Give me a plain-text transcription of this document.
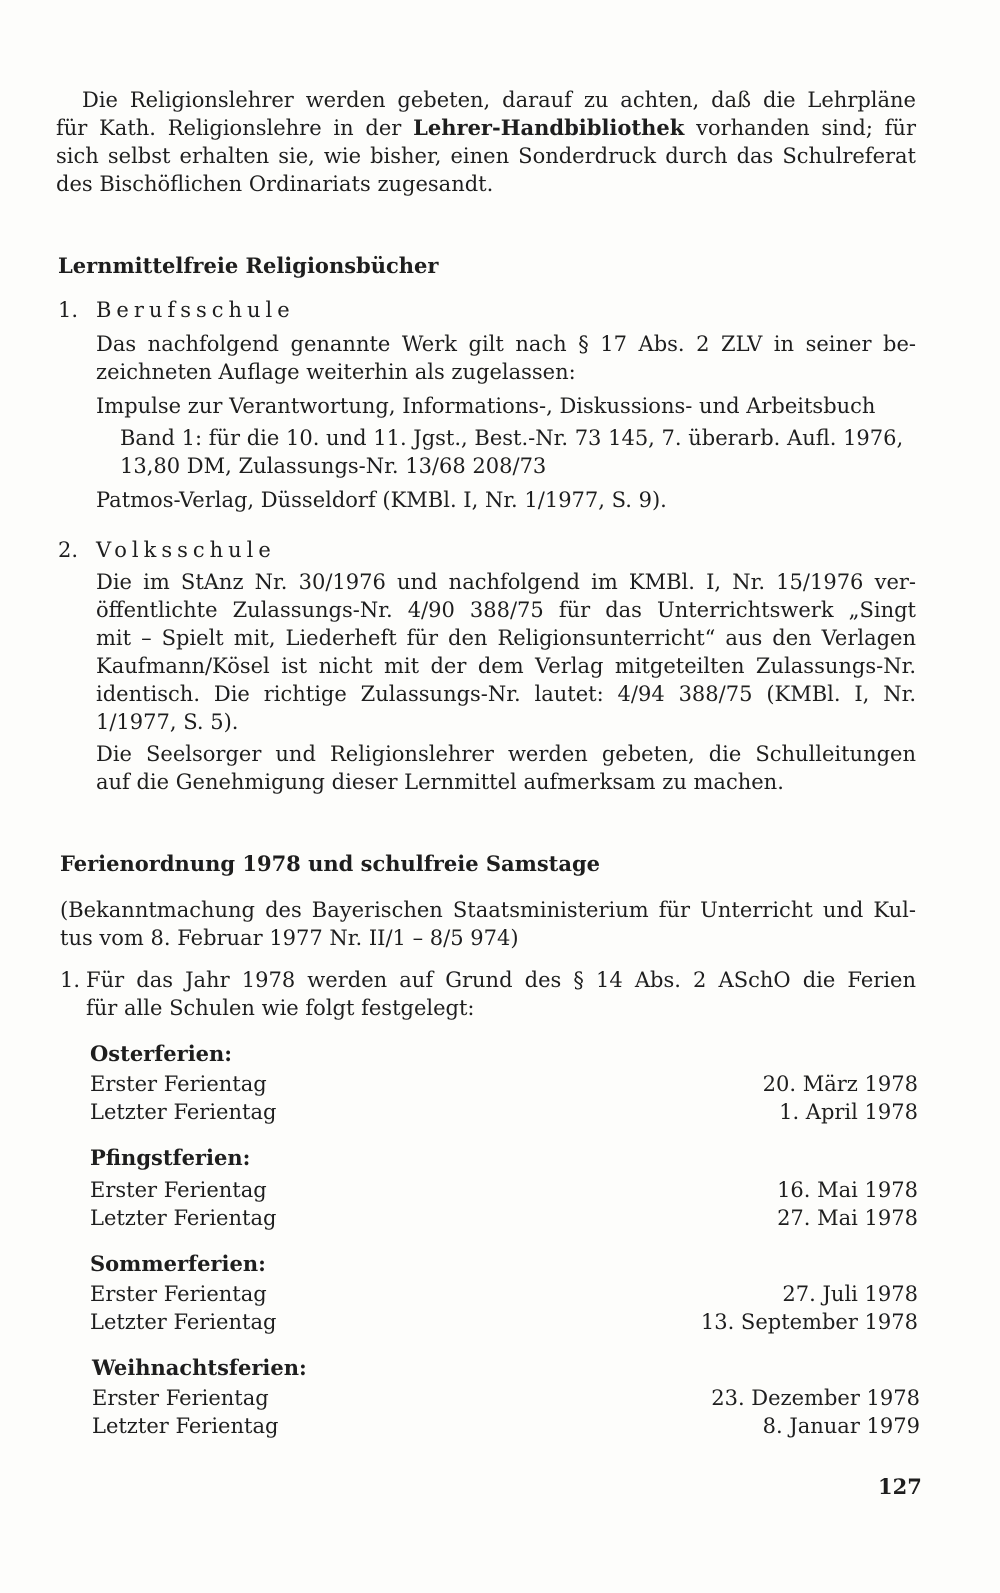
Die Religionslehrer werden gebeten, darauf zu achten, daß die Lehrpläne
für Kath. Religionslehre in der Lehrer-Handbibliothek vorhanden sind; für
sich selbst erhalten sie, wie bisher, einen Sonderdruck durch das Schulreferat
des Bischöflichen Ordinariats zugesandt.
Lernmittelfreie Religionsbücher
1. Berufsschule
Das nachfolgend genannte Werk gilt nach § 17 Abs. 2 ZLV in seiner be-
zeichneten Auflage weiterhin als zugelassen:
Impulse zur Verantwortung, Informations-, Diskussions- und Arbeitsbuch
Band 1: für die 10. und 11. Jgst., Best.-Nr. 73 145, 7. überarb. Aufl. 1976,
13,80 DM, Zulassungs-Nr. 13/68 208/73
Patmos-Verlag, Düsseldorf (KMBl. I, Nr. 1/1977, S. 9).
2. Volksschule
Die im StAnz Nr. 30/1976 und nachfolgend im KMBl. I, Nr. 15/1976 ver-
öffentlichte Zulassungs-Nr. 4/90 388/75 für das Unterrichtswerk „Singt
mit – Spielt mit, Liederheft für den Religionsunterricht“ aus den Verlagen
Kaufmann/Kösel ist nicht mit der dem Verlag mitgeteilten Zulassungs-Nr.
identisch. Die richtige Zulassungs-Nr. lautet: 4/94 388/75 (KMBl. I, Nr.
1/1977, S. 5).
Die Seelsorger und Religionslehrer werden gebeten, die Schulleitungen
auf die Genehmigung dieser Lernmittel aufmerksam zu machen.
Ferienordnung 1978 und schulfreie Samstage
(Bekanntmachung des Bayerischen Staatsministerium für Unterricht und Kul-
tus vom 8. Februar 1977 Nr. II/1 – 8/5 974)
1. Für das Jahr 1978 werden auf Grund des § 14 Abs. 2 ASchO die Ferien
für alle Schulen wie folgt festgelegt:
Osterferien:
Erster Ferientag	20. März 1978
Letzter Ferientag	1. April 1978
Pfingstferien:
Erster Ferientag	16. Mai 1978
Letzter Ferientag	27. Mai 1978
Sommerferien:
Erster Ferientag	27. Juli 1978
Letzter Ferientag	13. September 1978
Weihnachtsferien:
Erster Ferientag	23. Dezember 1978
Letzter Ferientag	8. Januar 1979
127
